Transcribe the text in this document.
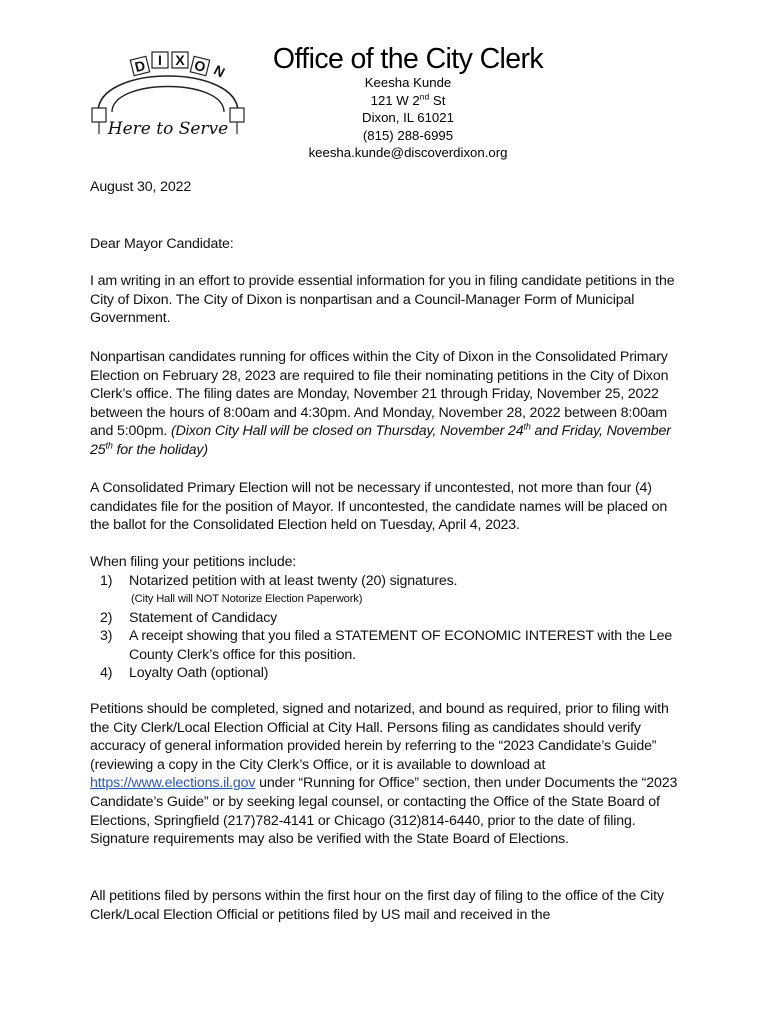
D I X O N
Here to Serve
Office of the City Clerk
Keesha Kunde
121 W 2nd St
Dixon, IL 61021
(815) 288-6995
keesha.kunde@discoverdixon.org
August 30, 2022
Dear Mayor Candidate:
I am writing in an effort to provide essential information for you in filing candidate petitions in the City of Dixon. The City of Dixon is nonpartisan and a Council-Manager Form of Municipal Government.
Nonpartisan candidates running for offices within the City of Dixon in the Consolidated Primary Election on February 28, 2023 are required to file their nominating petitions in the City of Dixon Clerk’s office. The filing dates are Monday, November 21 through Friday, November 25, 2022 between the hours of 8:00am and 4:30pm. And Monday, November 28, 2022 between 8:00am and 5:00pm. (Dixon City Hall will be closed on Thursday, November 24th and Friday, November 25th for the holiday)
A Consolidated Primary Election will not be necessary if uncontested, not more than four (4) candidates file for the position of Mayor. If uncontested, the candidate names will be placed on the ballot for the Consolidated Election held on Tuesday, April 4, 2023.
When filing your petitions include:
1) Notarized petition with at least twenty (20) signatures.
(City Hall will NOT Notorize Election Paperwork)
2) Statement of Candidacy
3) A receipt showing that you filed a STATEMENT OF ECONOMIC INTEREST with the Lee County Clerk’s office for this position.
4) Loyalty Oath (optional)
Petitions should be completed, signed and notarized, and bound as required, prior to filing with the City Clerk/Local Election Official at City Hall. Persons filing as candidates should verify accuracy of general information provided herein by referring to the “2023 Candidate’s Guide” (reviewing a copy in the City Clerk’s Office, or it is available to download at https://www.elections.il.gov under “Running for Office” section, then under Documents the “2023 Candidate’s Guide” or by seeking legal counsel, or contacting the Office of the State Board of Elections, Springfield (217)782-4141 or Chicago (312)814-6440, prior to the date of filing. Signature requirements may also be verified with the State Board of Elections.
All petitions filed by persons within the first hour on the first day of filing to the office of the City Clerk/Local Election Official or petitions filed by US mail and received in the
